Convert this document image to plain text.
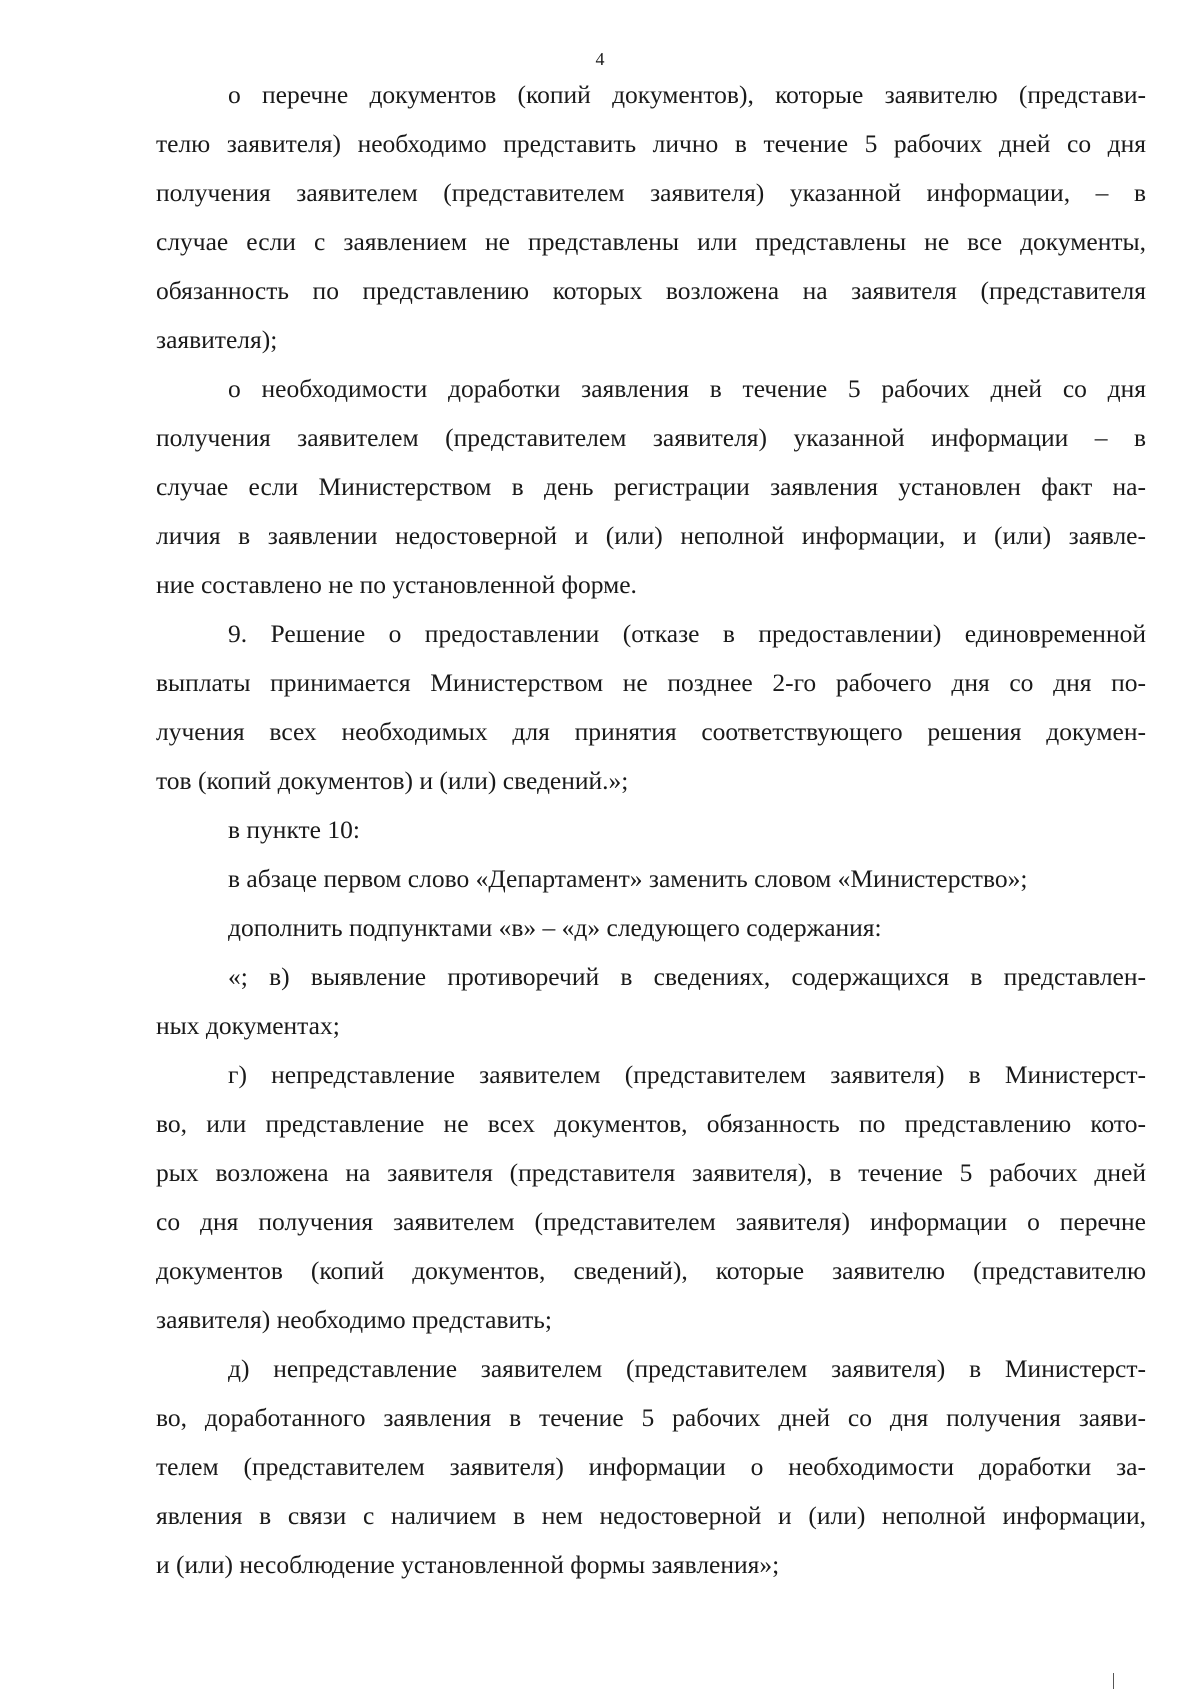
4
о перечне документов (копий документов), которые заявителю (представи-
телю заявителя) необходимо представить лично в течение 5 рабочих дней со дня
получения заявителем (представителем заявителя) указанной информации, – в
случае если с заявлением не представлены или представлены не все документы,
обязанность по представлению которых возложена на заявителя (представителя
заявителя);
о необходимости доработки заявления в течение 5 рабочих дней со дня
получения заявителем (представителем заявителя) указанной информации – в
случае если Министерством в день регистрации заявления установлен факт на-
личия в заявлении недостоверной и (или) неполной информации, и (или) заявле-
ние составлено не по установленной форме.
9. Решение о предоставлении (отказе в предоставлении) единовременной
выплаты принимается Министерством не позднее 2-го рабочего дня со дня по-
лучения всех необходимых для принятия соответствующего решения докумен-
тов (копий документов) и (или) сведений.»;
в пункте 10:
в абзаце первом слово «Департамент» заменить словом «Министерство»;
дополнить подпунктами «в» – «д» следующего содержания:
«; в) выявление противоречий в сведениях, содержащихся в представлен-
ных документах;
г) непредставление заявителем (представителем заявителя) в Министерст-
во, или представление не всех документов, обязанность по представлению кото-
рых возложена на заявителя (представителя заявителя), в течение 5 рабочих дней
со дня получения заявителем (представителем заявителя) информации о перечне
документов (копий документов, сведений), которые заявителю (представителю
заявителя) необходимо представить;
д) непредставление заявителем (представителем заявителя) в Министерст-
во, доработанного заявления в течение 5 рабочих дней со дня получения заяви-
телем (представителем заявителя) информации о необходимости доработки за-
явления в связи с наличием в нем недостоверной и (или) неполной информации,
и (или) несоблюдение установленной формы заявления»;
